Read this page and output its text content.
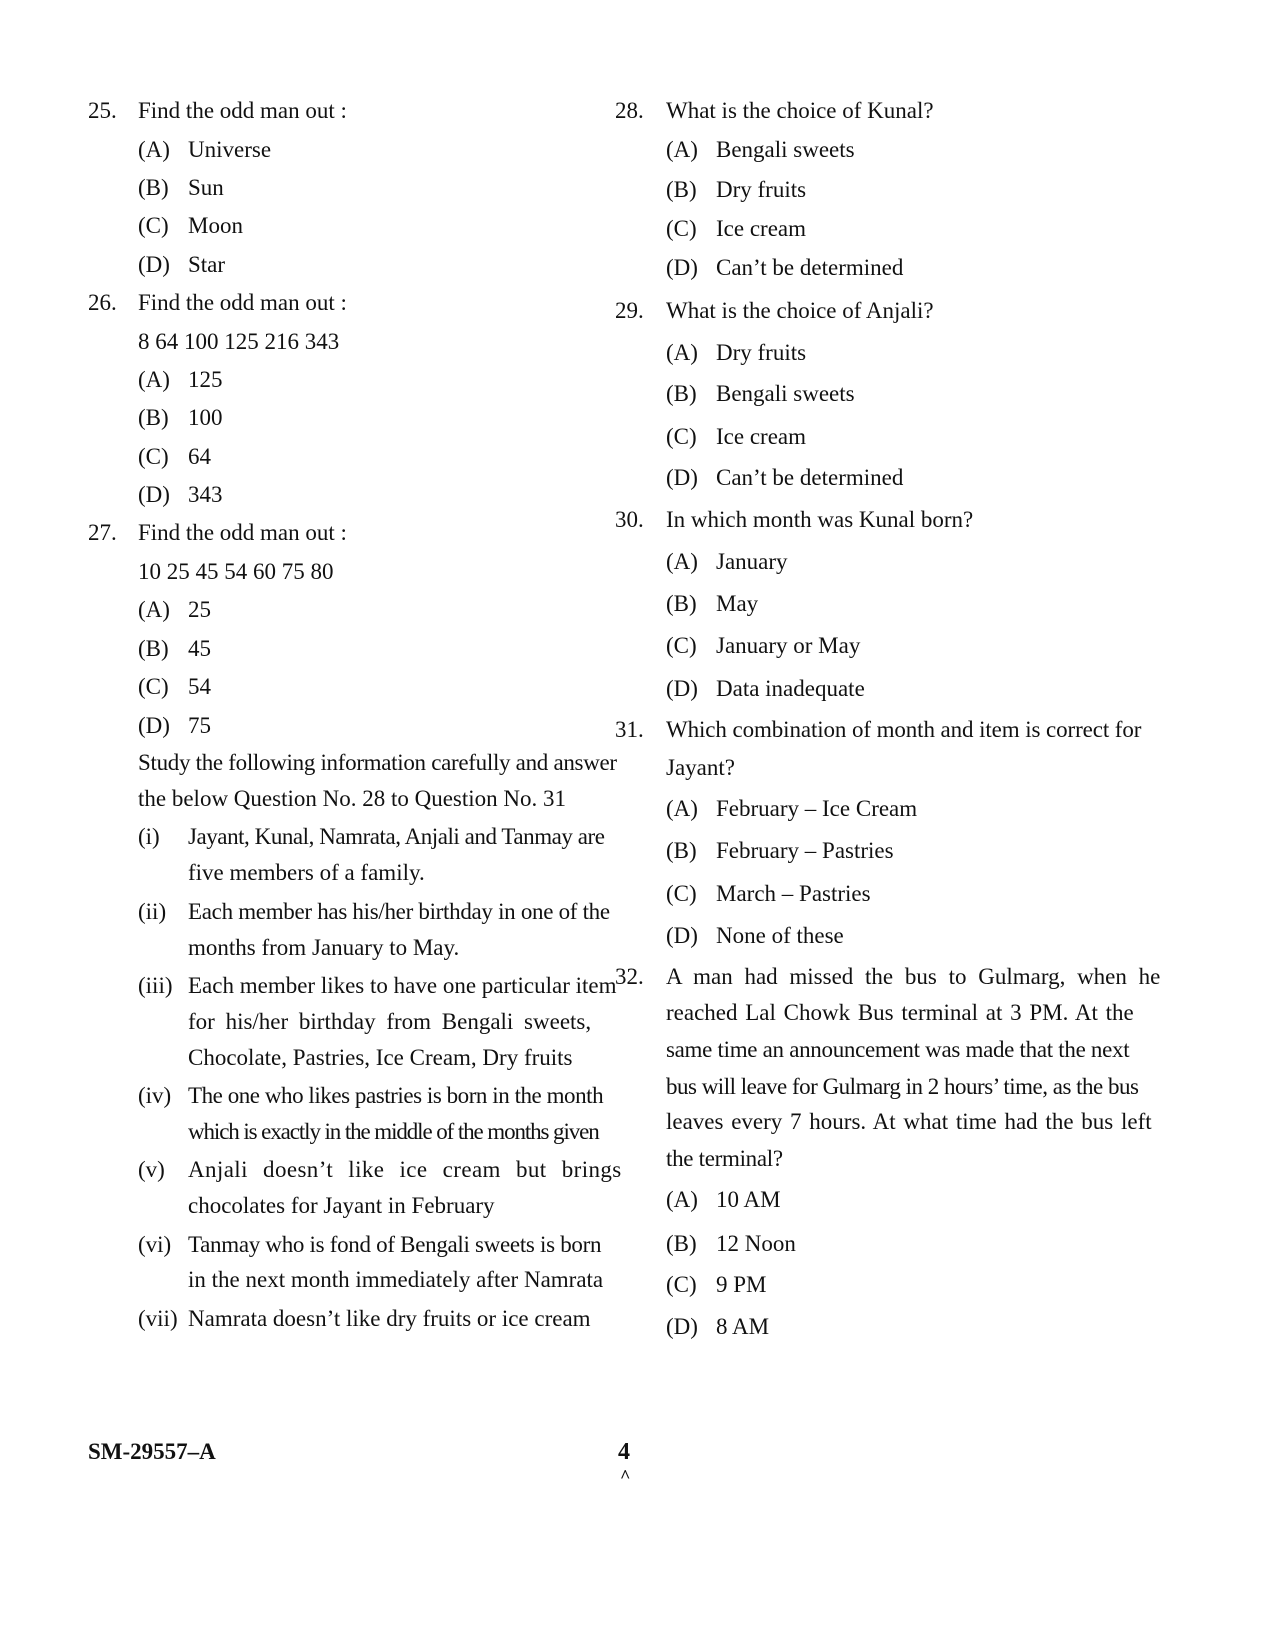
25. Find the odd man out :
(A) Universe
(B) Sun
(C) Moon
(D) Star
26. Find the odd man out :
8 64 100 125 216 343
(A) 125
(B) 100
(C) 64
(D) 343
27. Find the odd man out :
10 25 45 54 60 75 80
(A) 25
(B) 45
(C) 54
(D) 75
Study the following information carefully and answer
the below Question No. 28 to Question No. 31
(i) Jayant, Kunal, Namrata, Anjali and Tanmay are
five members of a family.
(ii) Each member has his/her birthday in one of the
months from January to May.
(iii) Each member likes to have one particular item
for his/her birthday from Bengali sweets,
Chocolate, Pastries, Ice Cream, Dry fruits
(iv) The one who likes pastries is born in the month
which is exactly in the middle of the months given
(v) Anjali doesn’t like ice cream but brings
chocolates for Jayant in February
(vi) Tanmay who is fond of Bengali sweets is born
in the next month immediately after Namrata
(vii) Namrata doesn’t like dry fruits or ice cream
28. What is the choice of Kunal?
(A) Bengali sweets
(B) Dry fruits
(C) Ice cream
(D) Can’t be determined
29. What is the choice of Anjali?
(A) Dry fruits
(B) Bengali sweets
(C) Ice cream
(D) Can’t be determined
30. In which month was Kunal born?
(A) January
(B) May
(C) January or May
(D) Data inadequate
31. Which combination of month and item is correct for
Jayant?
(A) February – Ice Cream
(B) February – Pastries
(C) March – Pastries
(D) None of these
32. A man had missed the bus to Gulmarg, when he
reached Lal Chowk Bus terminal at 3 PM. At the
same time an announcement was made that the next
bus will leave for Gulmarg in 2 hours’ time, as the bus
leaves every 7 hours. At what time had the bus left
the terminal?
(A) 10 AM
(B) 12 Noon
(C) 9 PM
(D) 8 AM
SM-29557–A	4
^
